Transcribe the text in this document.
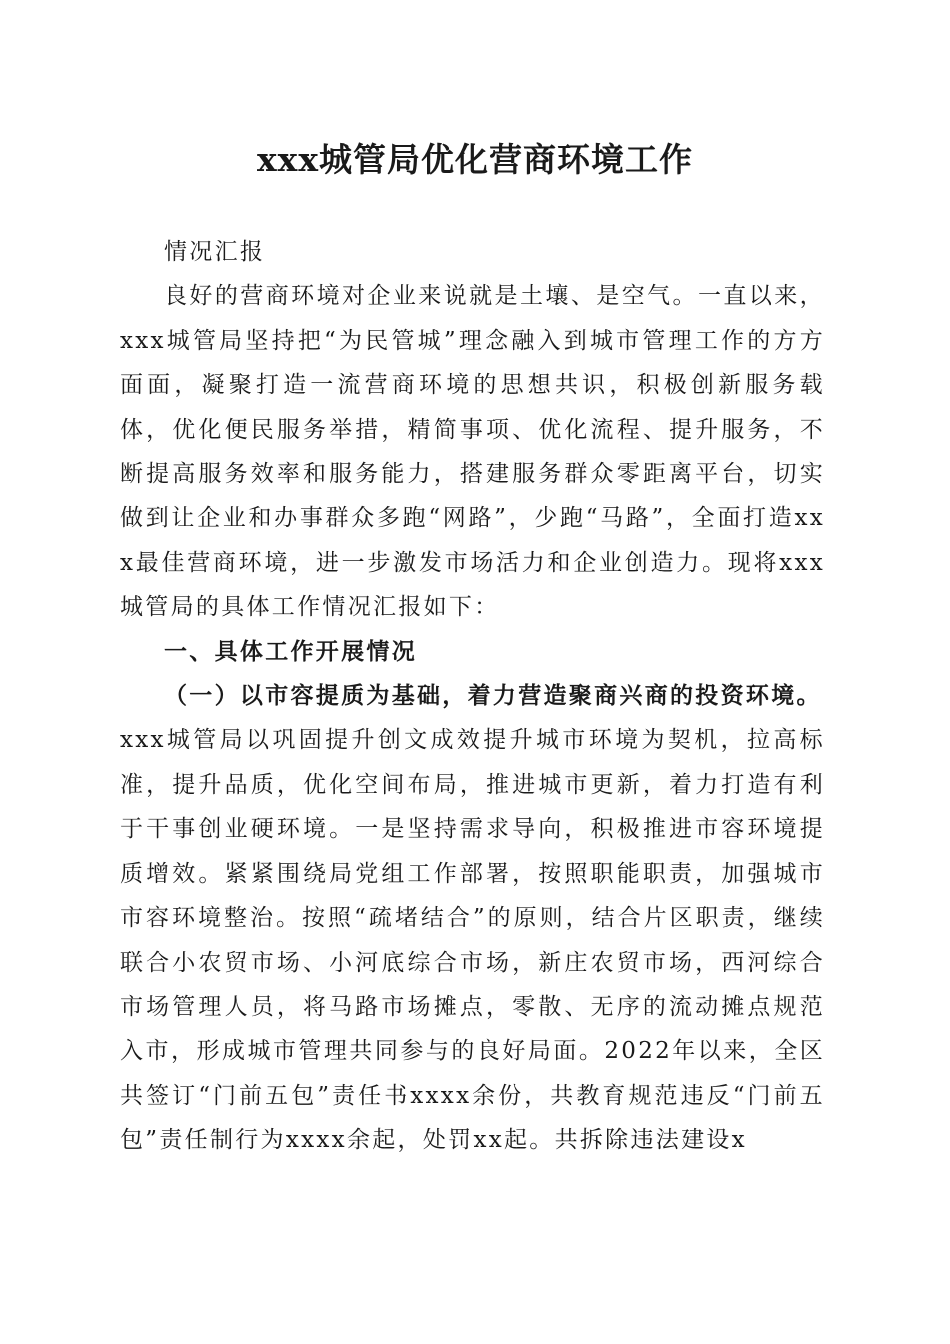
xxx城管局优化营商环境工作

情况汇报

良好的营商环境对企业来说就是土壤、是空气。一直以来，xxx城管局坚持把“为民管城”理念融入到城市管理工作的方方面面，凝聚打造一流营商环境的思想共识，积极创新服务载体，优化便民服务举措，精简事项、优化流程、提升服务，不断提高服务效率和服务能力，搭建服务群众零距离平台，切实做到让企业和办事群众多跑“网路”，少跑“马路”，全面打造xxx最佳营商环境，进一步激发市场活力和企业创造力。现将xxx城管局的具体工作情况汇报如下：

一、具体工作开展情况

（一）以市容提质为基础，着力营造聚商兴商的投资环境。

xxx城管局以巩固提升创文成效提升城市环境为契机，拉高标准，提升品质，优化空间布局，推进城市更新，着力打造有利于干事创业硬环境。一是坚持需求导向，积极推进市容环境提质增效。紧紧围绕局党组工作部署，按照职能职责，加强城市市容环境整治。按照“疏堵结合”的原则，结合片区职责，继续联合小农贸市场、小河底综合市场，新庄农贸市场，西河综合市场管理人员，将马路市场摊点，零散、无序的流动摊点规范入市，形成城市管理共同参与的良好局面。2022年以来，全区共签订“门前五包”责任书xxxx余份，共教育规范违反“门前五包”责任制行为xxxx余起，处罚xx起。共拆除违法建设x
